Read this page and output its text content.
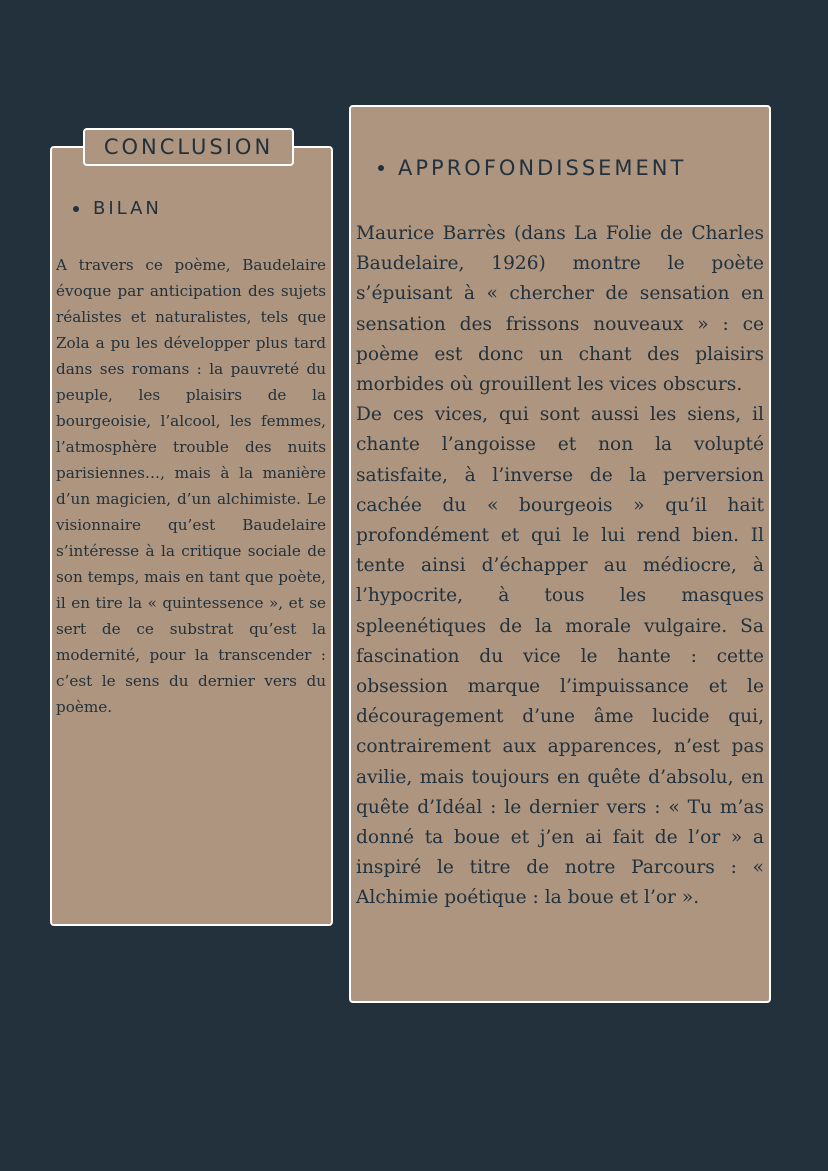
CONCLUSION
BILAN

A travers ce poème, Baudelaire évoque par anticipation des sujets réalistes et naturalistes, tels que Zola a pu les développer plus tard dans ses romans : la pauvreté du peuple, les plaisirs de la bourgeoisie, l’alcool, les femmes, l’atmosphère trouble des nuits parisiennes…, mais à la manière d’un magicien, d’un alchimiste. Le visionnaire qu’est Baudelaire s’intéresse à la critique sociale de son temps, mais en tant que poète, il en tire la « quintessence », et se sert de ce substrat qu’est la modernité, pour la transcender : c’est le sens du dernier vers du poème.

APPROFONDISSEMENT

Maurice Barrès (dans La Folie de Charles Baudelaire, 1926) montre le poète s’épuisant à « chercher de sensation en sensation des frissons nouveaux » : ce poème est donc un chant des plaisirs morbides où grouillent les vices obscurs.

De ces vices, qui sont aussi les siens, il chante l’angoisse et non la volupté satisfaite, à l’inverse de la perversion cachée du « bourgeois » qu’il hait profondément et qui le lui rend bien. Il tente ainsi d’échapper au médiocre, à l’hypocrite, à tous les masques spleenétiques de la morale vulgaire. Sa fascination du vice le hante : cette obsession marque l’impuissance et le découragement d’une âme lucide qui, contrairement aux apparences, n’est pas avilie, mais toujours en quête d’absolu, en quête d’Idéal : le dernier vers : « Tu m’as donné ta boue et j’en ai fait de l’or » a inspiré le titre de notre Parcours : « Alchimie poétique : la boue et l’or ».
